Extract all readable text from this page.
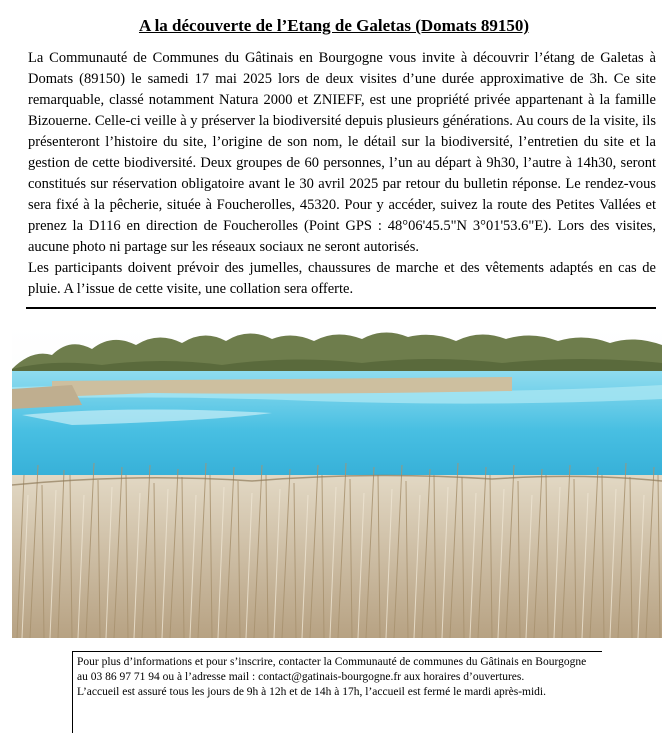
A la découverte de l’Etang de Galetas (Domats 89150)

La Communauté de Communes du Gâtinais en Bourgogne vous invite à découvrir l’étang de Galetas à Domats (89150) le samedi 17 mai 2025 lors de deux visites d’une durée approximative de 3h. Ce site remarquable, classé notamment Natura 2000 et ZNIEFF, est une propriété privée appartenant à la famille Bizouerne. Celle-ci veille à y préserver la biodiversité depuis plusieurs générations. Au cours de la visite, ils présenteront l’histoire du site, l’origine de son nom, le détail sur la biodiversité, l’entretien du site et la gestion de cette biodiversité. Deux groupes de 60 personnes, l’un au départ à 9h30, l’autre à 14h30, seront constitués sur réservation obligatoire avant le 30 avril 2025 par retour du bulletin réponse. Le rendez-vous sera fixé à la pêcherie, située à Foucherolles, 45320. Pour y accéder, suivez la route des Petites Vallées et prenez la D116 en direction de Foucherolles (Point GPS : 48°06'45.5"N 3°01'53.6"E). Lors des visites, aucune photo ni partage sur les réseaux sociaux ne seront autorisés.

Les participants doivent prévoir des jumelles, chaussures de marche et des vêtements adaptés en cas de pluie. A l’issue de cette visite, une collation sera offerte.

Pour plus d’informations et pour s’inscrire, contacter la Communauté de communes du Gâtinais en Bourgogne au 03 86 97 71 94 ou à l’adresse mail : contact@gatinais-bourgogne.fr aux horaires d’ouvertures.

L’accueil est assuré tous les jours de 9h à 12h et de 14h à 17h, l’accueil est fermé le mardi après-midi.
